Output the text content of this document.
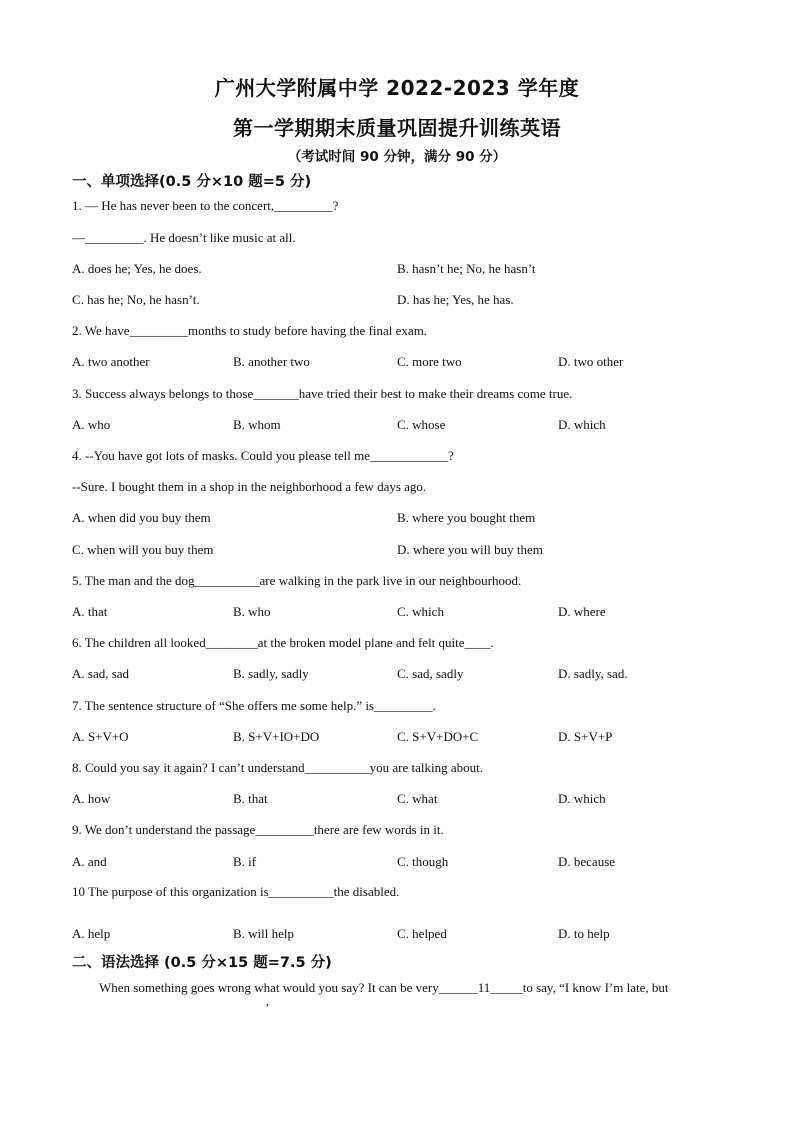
广州大学附属中学 2022-2023 学年度
第一学期期末质量巩固提升训练英语
（考试时间 90 分钟，满分 90 分）
一、单项选择(0.5 分×10 题=5 分)
1. — He has never been to the concert,_________?
—_________. He doesn’t like music at all.
A. does he; Yes, he does.	B. hasn’t he; No, he hasn’t
C. has he; No, he hasn’t.	D. has he; Yes, he has.
2. We have_________months to study before having the final exam.
A. two another	B. another two	C. more two	D. two other
3. Success always belongs to those_______have tried their best to make their dreams come true.
A. who	B. whom	C. whose	D. which
4. --You have got lots of masks. Could you please tell me____________?
--Sure. I bought them in a shop in the neighborhood a few days ago.
A. when did you buy them	B. where you bought them
C. when will you buy them	D. where you will buy them
5. The man and the dog__________are walking in the park live in our neighbourhood.
A. that	B. who	C. which	D. where
6. The children all looked________at the broken model plane and felt quite____.
A. sad, sad	B. sadly, sadly	C. sad, sadly	D. sadly, sad.
7. The sentence structure of “She offers me some help.” is_________.
A. S+V+O	B. S+V+IO+DO	C. S+V+DO+C	D. S+V+P
8. Could you say it again? I can’t understand__________you are talking about.
A. how	B. that	C. what	D. which
9. We don’t understand the passage_________there are few words in it.
A. and	B. if	C. though	D. because
10 The purpose of this organization is__________the disabled.
A. help	B. will help	C. helped	D. to help
二、语法选择 (0.5 分×15 题=7.5 分)
When something goes wrong what would you say? It can be very______11_____to say, “I know I’m late, but
,
